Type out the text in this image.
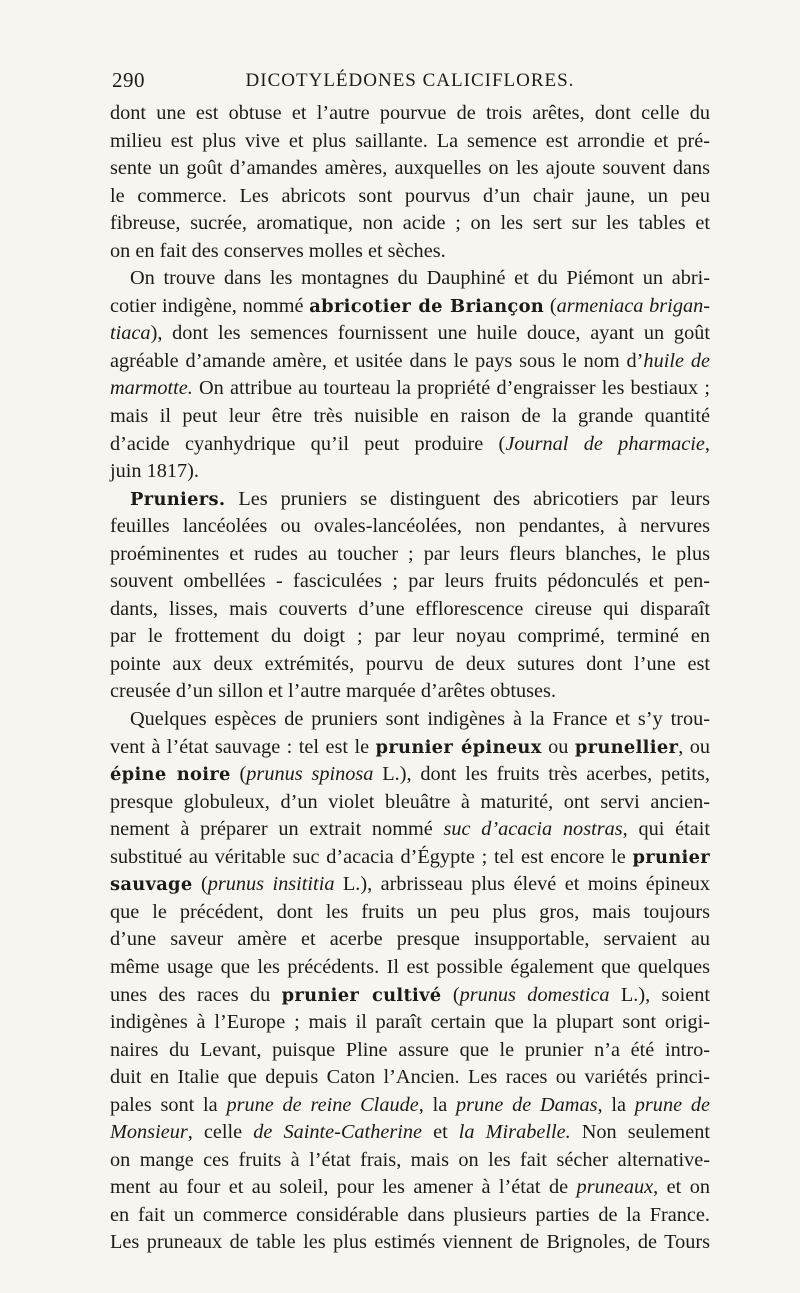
290	DICOTYLÉDONES CALICIFLORES.
dont une est obtuse et l’autre pourvue de trois arêtes, dont celle du
milieu est plus vive et plus saillante. La semence est arrondie et pré-
sente un goût d’amandes amères, auxquelles on les ajoute souvent dans
le commerce. Les abricots sont pourvus d’un chair jaune, un peu
fibreuse, sucrée, aromatique, non acide ; on les sert sur les tables et
on en fait des conserves molles et sèches.
On trouve dans les montagnes du Dauphiné et du Piémont un abri-
cotier indigène, nommé abricotier de Briançon (armeniaca brigan-
tiaca), dont les semences fournissent une huile douce, ayant un goût
agréable d’amande amère, et usitée dans le pays sous le nom d’huile de
marmotte. On attribue au tourteau la propriété d’engraisser les bestiaux ;
mais il peut leur être très nuisible en raison de la grande quantité
d’acide cyanhydrique qu’il peut produire (Journal de pharmacie,
juin 1817).
Pruniers. Les pruniers se distinguent des abricotiers par leurs
feuilles lancéolées ou ovales-lancéolées, non pendantes, à nervures
proéminentes et rudes au toucher ; par leurs fleurs blanches, le plus
souvent ombellées - fasciculées ; par leurs fruits pédonculés et pen-
dants, lisses, mais couverts d’une efflorescence cireuse qui disparaît
par le frottement du doigt ; par leur noyau comprimé, terminé en
pointe aux deux extrémités, pourvu de deux sutures dont l’une est
creusée d’un sillon et l’autre marquée d’arêtes obtuses.
Quelques espèces de pruniers sont indigènes à la France et s’y trou-
vent à l’état sauvage : tel est le prunier épineux ou prunellier, ou
épine noire (prunus spinosa L.), dont les fruits très acerbes, petits,
presque globuleux, d’un violet bleuâtre à maturité, ont servi ancien-
nement à préparer un extrait nommé suc d’acacia nostras, qui était
substitué au véritable suc d’acacia d’Égypte ; tel est encore le prunier
sauvage (prunus insititia L.), arbrisseau plus élevé et moins épineux
que le précédent, dont les fruits un peu plus gros, mais toujours
d’une saveur amère et acerbe presque insupportable, servaient au
même usage que les précédents. Il est possible également que quelques
unes des races du prunier cultivé (prunus domestica L.), soient
indigènes à l’Europe ; mais il paraît certain que la plupart sont origi-
naires du Levant, puisque Pline assure que le prunier n’a été intro-
duit en Italie que depuis Caton l’Ancien. Les races ou variétés princi-
pales sont la prune de reine Claude, la prune de Damas, la prune de
Monsieur, celle de Sainte-Catherine et la Mirabelle. Non seulement
on mange ces fruits à l’état frais, mais on les fait sécher alternative-
ment au four et au soleil, pour les amener à l’état de pruneaux, et on
en fait un commerce considérable dans plusieurs parties de la France.
Les pruneaux de table les plus estimés viennent de Brignoles, de Tours
